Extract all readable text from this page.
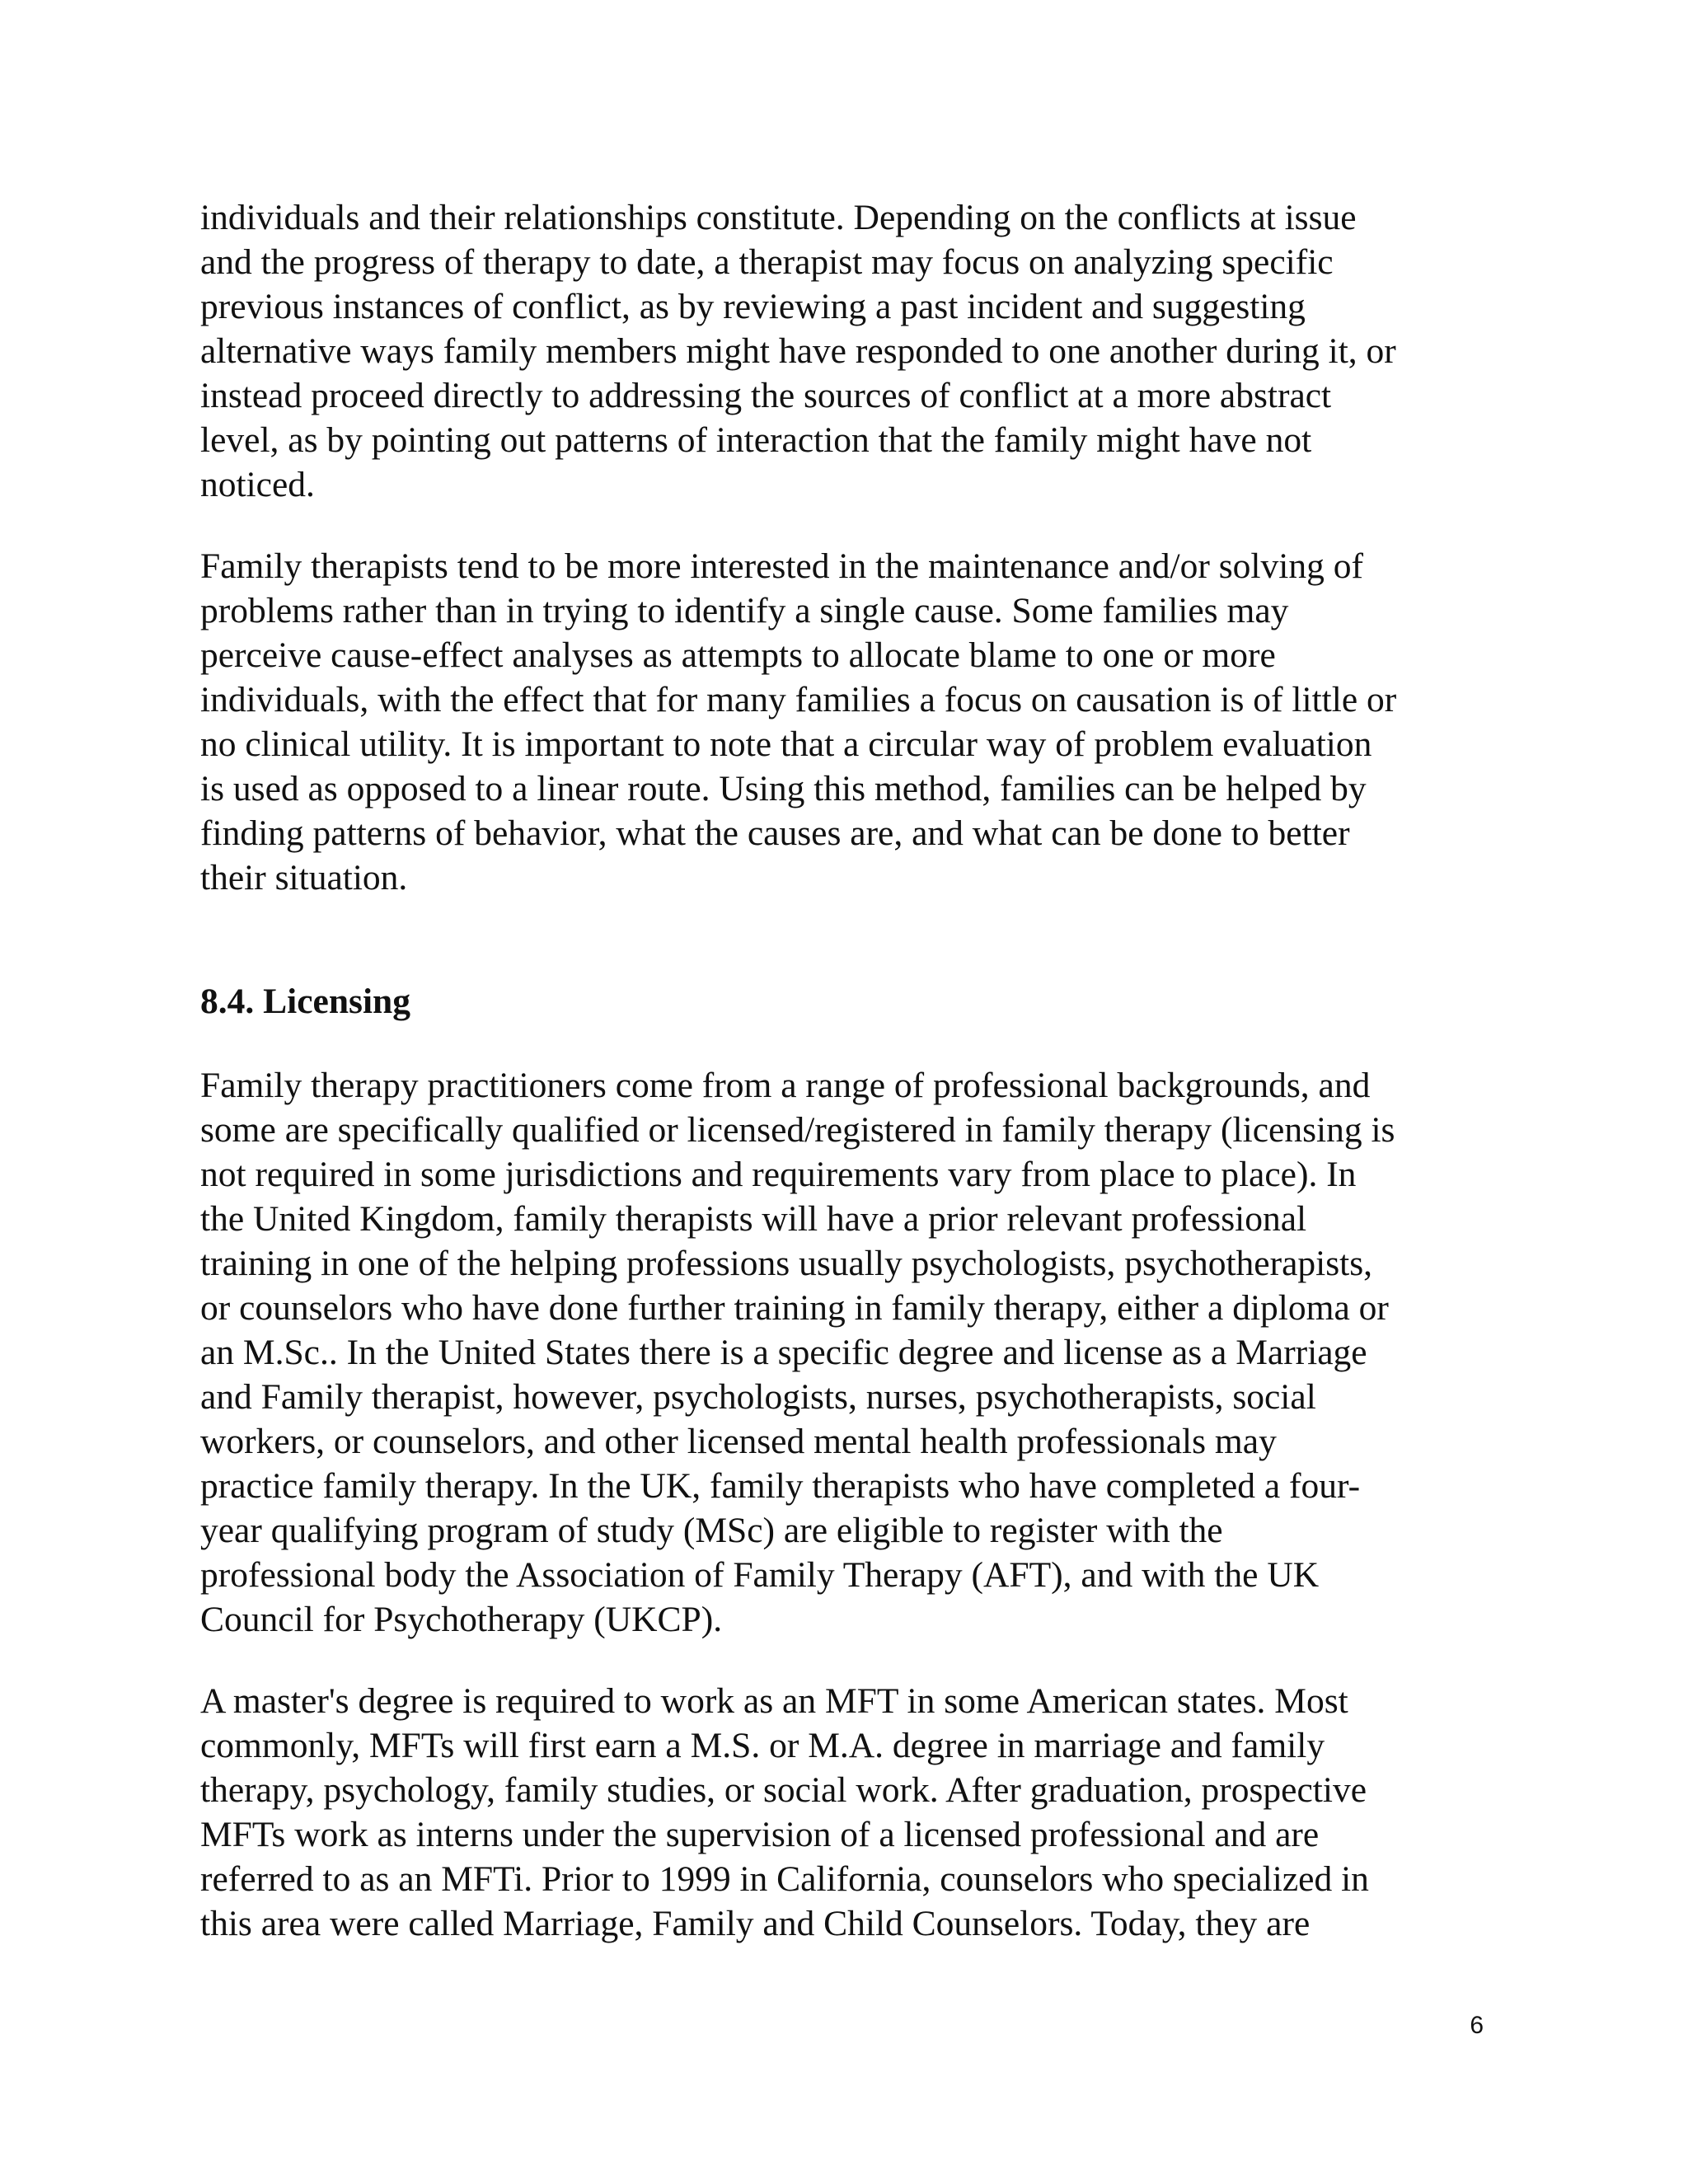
individuals and their relationships constitute. Depending on the conflicts at issue

and the progress of therapy to date, a therapist may focus on analyzing specific

previous instances of conflict, as by reviewing a past incident and suggesting

alternative ways family members might have responded to one another during it, or

instead proceed directly to addressing the sources of conflict at a more abstract

level, as by pointing out patterns of interaction that the family might have not

noticed.

Family therapists tend to be more interested in the maintenance and/or solving of

problems rather than in trying to identify a single cause. Some families may

perceive cause-effect analyses as attempts to allocate blame to one or more

individuals, with the effect that for many families a focus on causation is of little or

no clinical utility. It is important to note that a circular way of problem evaluation

is used as opposed to a linear route. Using this method, families can be helped by

finding patterns of behavior, what the causes are, and what can be done to better

their situation.

8.4. Licensing

Family therapy practitioners come from a range of professional backgrounds, and

some are specifically qualified or licensed/registered in family therapy (licensing is

not required in some jurisdictions and requirements vary from place to place). In

the United Kingdom, family therapists will have a prior relevant professional

training in one of the helping professions usually psychologists, psychotherapists,

or counselors who have done further training in family therapy, either a diploma or

an M.Sc.. In the United States there is a specific degree and license as a Marriage

and Family therapist, however, psychologists, nurses, psychotherapists, social

workers, or counselors, and other licensed mental health professionals may

practice family therapy. In the UK, family therapists who have completed a four-

year qualifying program of study (MSc) are eligible to register with the

professional body the Association of Family Therapy (AFT), and with the UK

Council for Psychotherapy (UKCP).

A master's degree is required to work as an MFT in some American states. Most

commonly, MFTs will first earn a M.S. or M.A. degree in marriage and family

therapy, psychology, family studies, or social work. After graduation, prospective

MFTs work as interns under the supervision of a licensed professional and are

referred to as an MFTi. Prior to 1999 in California, counselors who specialized in

this area were called Marriage, Family and Child Counselors. Today, they are

6
